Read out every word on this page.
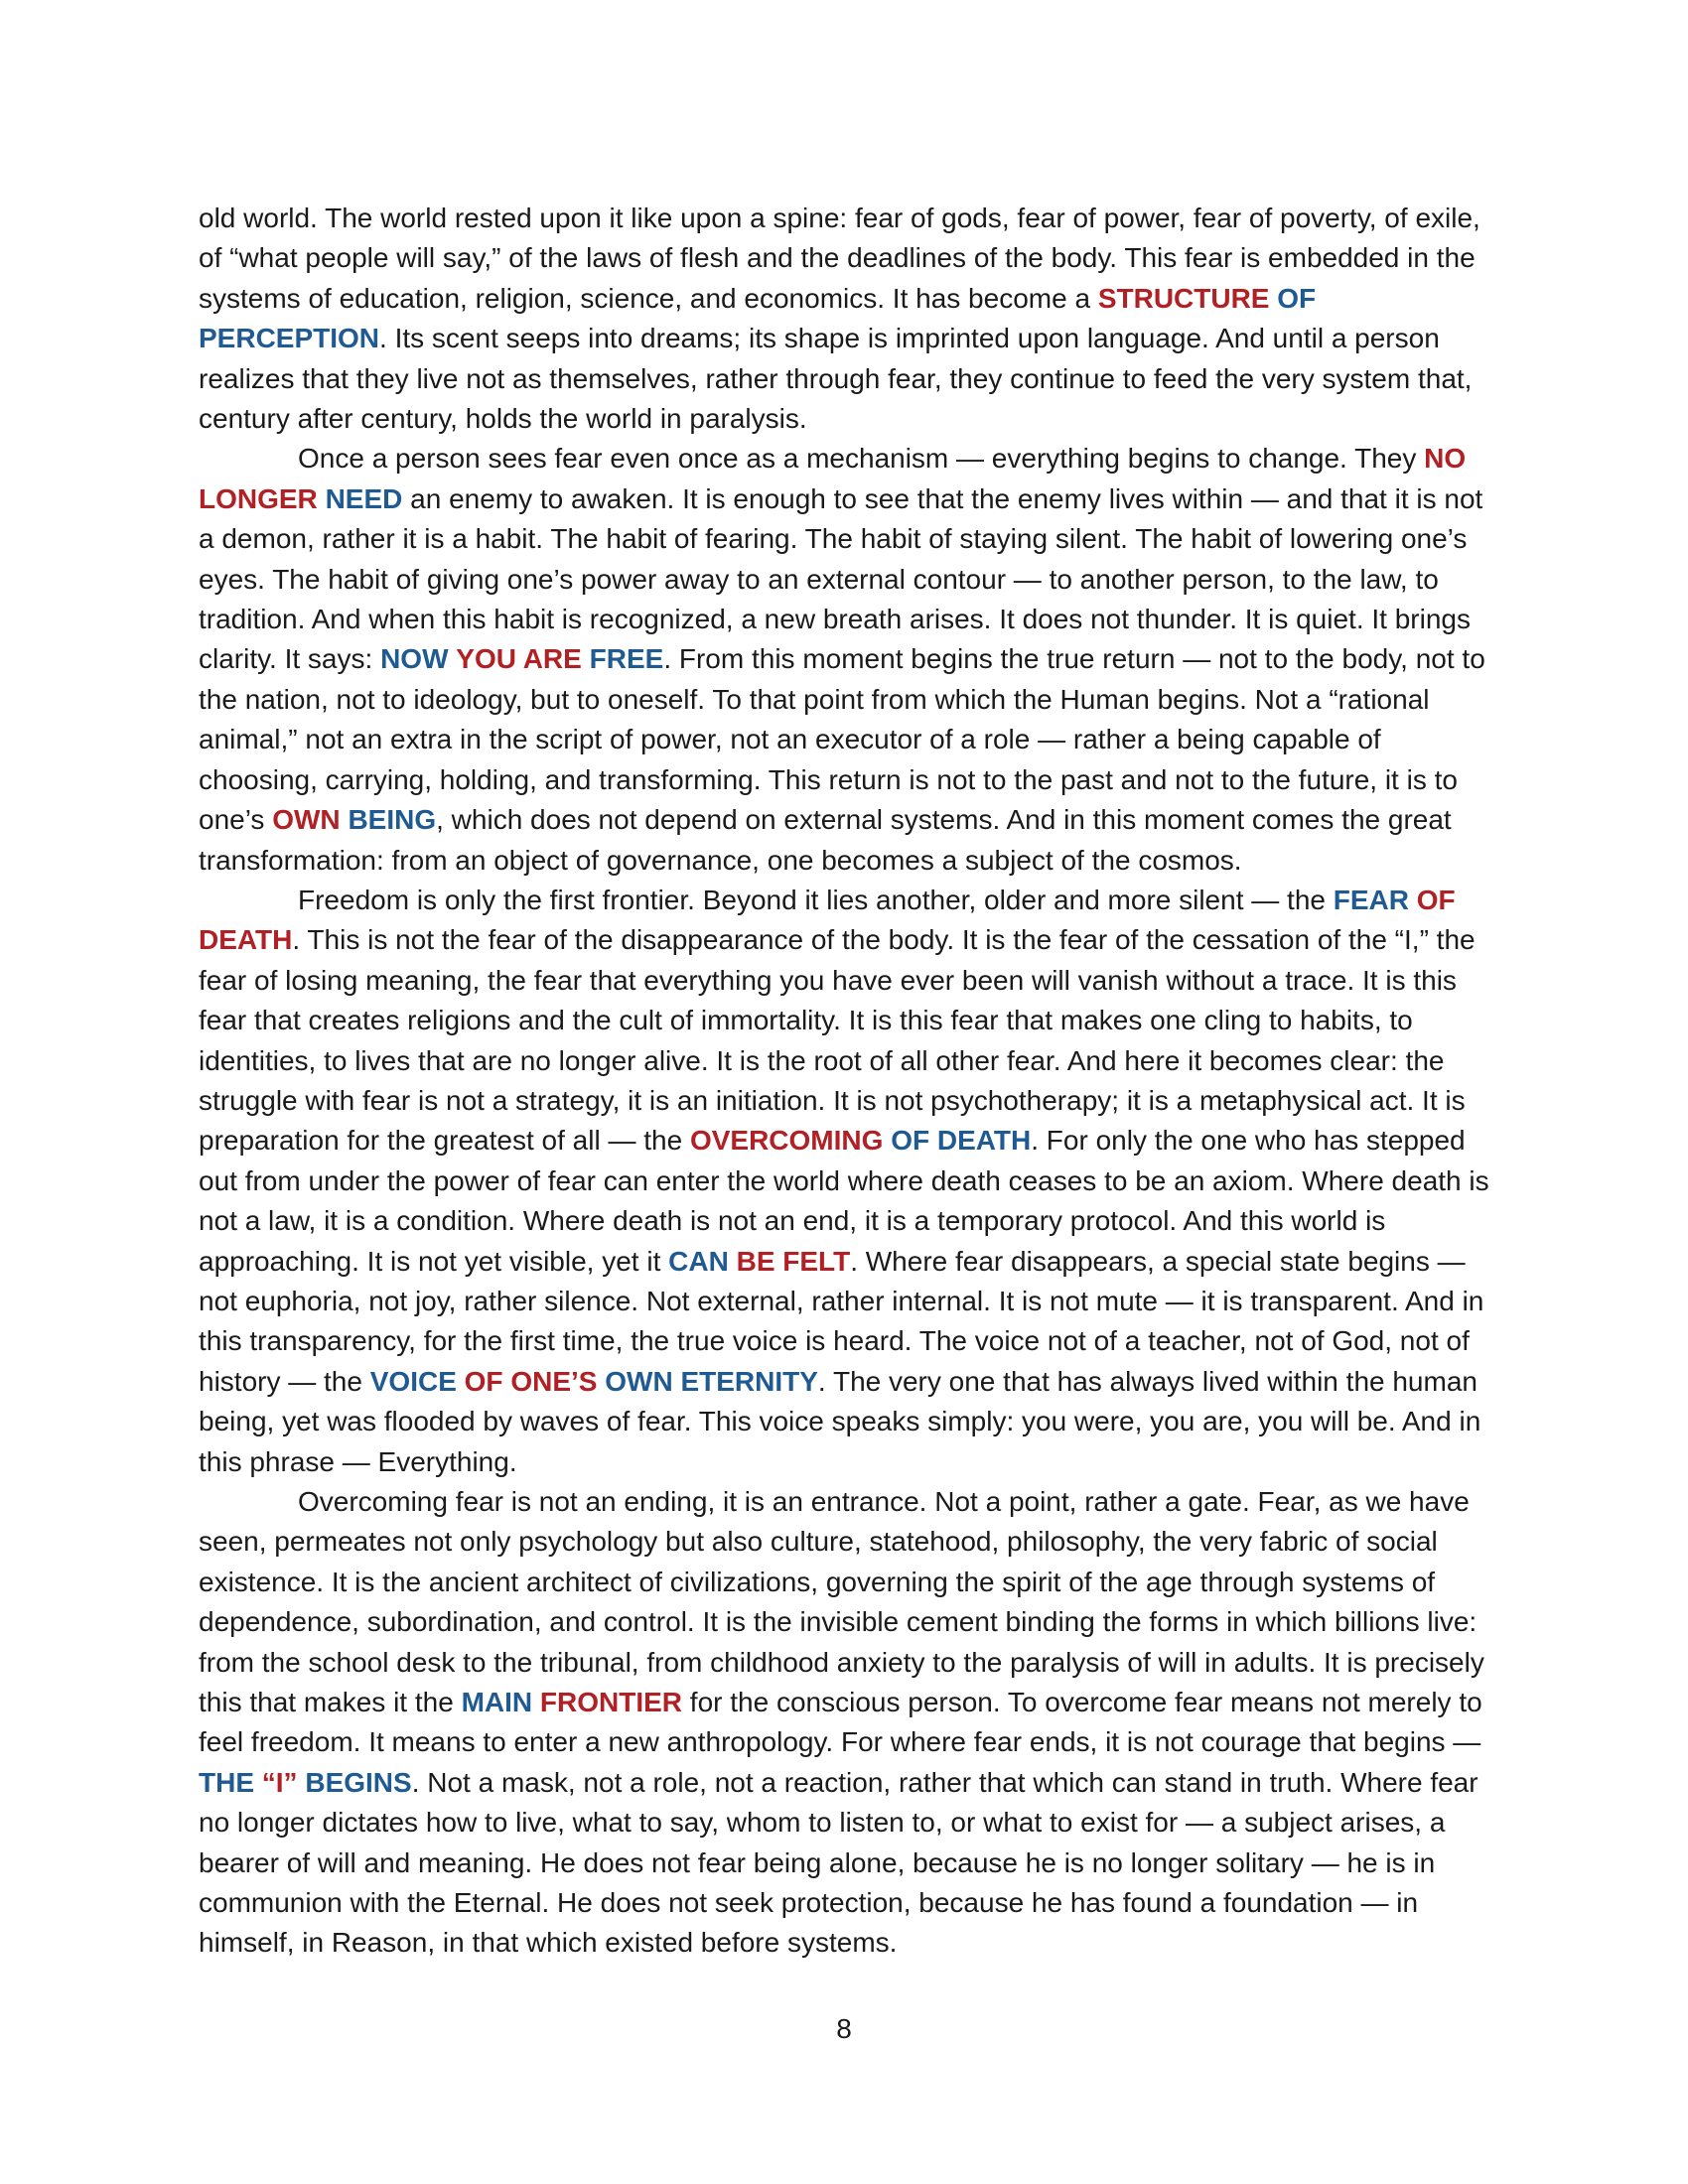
old world. The world rested upon it like upon a spine: fear of gods, fear of power, fear of poverty, of exile, of “what people will say,” of the laws of flesh and the deadlines of the body. This fear is embedded in the systems of education, religion, science, and economics. It has become a STRUCTURE OF PERCEPTION. Its scent seeps into dreams; its shape is imprinted upon language. And until a person realizes that they live not as themselves, rather through fear, they continue to feed the very system that, century after century, holds the world in paralysis.

Once a person sees fear even once as a mechanism — everything begins to change. They NO LONGER NEED an enemy to awaken. It is enough to see that the enemy lives within — and that it is not a demon, rather it is a habit. The habit of fearing. The habit of staying silent. The habit of lowering one’s eyes. The habit of giving one’s power away to an external contour — to another person, to the law, to tradition. And when this habit is recognized, a new breath arises. It does not thunder. It is quiet. It brings clarity. It says: NOW YOU ARE FREE. From this moment begins the true return — not to the body, not to the nation, not to ideology, but to oneself. To that point from which the Human begins. Not a “rational animal,” not an extra in the script of power, not an executor of a role — rather a being capable of choosing, carrying, holding, and transforming. This return is not to the past and not to the future, it is to one’s OWN BEING, which does not depend on external systems. And in this moment comes the great transformation: from an object of governance, one becomes a subject of the cosmos.

Freedom is only the first frontier. Beyond it lies another, older and more silent — the FEAR OF DEATH. This is not the fear of the disappearance of the body. It is the fear of the cessation of the “I,” the fear of losing meaning, the fear that everything you have ever been will vanish without a trace. It is this fear that creates religions and the cult of immortality. It is this fear that makes one cling to habits, to identities, to lives that are no longer alive. It is the root of all other fear. And here it becomes clear: the struggle with fear is not a strategy, it is an initiation. It is not psychotherapy; it is a metaphysical act. It is preparation for the greatest of all — the OVERCOMING OF DEATH. For only the one who has stepped out from under the power of fear can enter the world where death ceases to be an axiom. Where death is not a law, it is a condition. Where death is not an end, it is a temporary protocol. And this world is approaching. It is not yet visible, yet it CAN BE FELT. Where fear disappears, a special state begins — not euphoria, not joy, rather silence. Not external, rather internal. It is not mute — it is transparent. And in this transparency, for the first time, the true voice is heard. The voice not of a teacher, not of God, not of history — the VOICE OF ONE’S OWN ETERNITY. The very one that has always lived within the human being, yet was flooded by waves of fear. This voice speaks simply: you were, you are, you will be. And in this phrase — Everything.

Overcoming fear is not an ending, it is an entrance. Not a point, rather a gate. Fear, as we have seen, permeates not only psychology but also culture, statehood, philosophy, the very fabric of social existence. It is the ancient architect of civilizations, governing the spirit of the age through systems of dependence, subordination, and control. It is the invisible cement binding the forms in which billions live: from the school desk to the tribunal, from childhood anxiety to the paralysis of will in adults. It is precisely this that makes it the MAIN FRONTIER for the conscious person. To overcome fear means not merely to feel freedom. It means to enter a new anthropology. For where fear ends, it is not courage that begins — THE “I” BEGINS. Not a mask, not a role, not a reaction, rather that which can stand in truth. Where fear no longer dictates how to live, what to say, whom to listen to, or what to exist for — a subject arises, a bearer of will and meaning. He does not fear being alone, because he is no longer solitary — he is in communion with the Eternal. He does not seek protection, because he has found a foundation — in himself, in Reason, in that which existed before systems.

8
